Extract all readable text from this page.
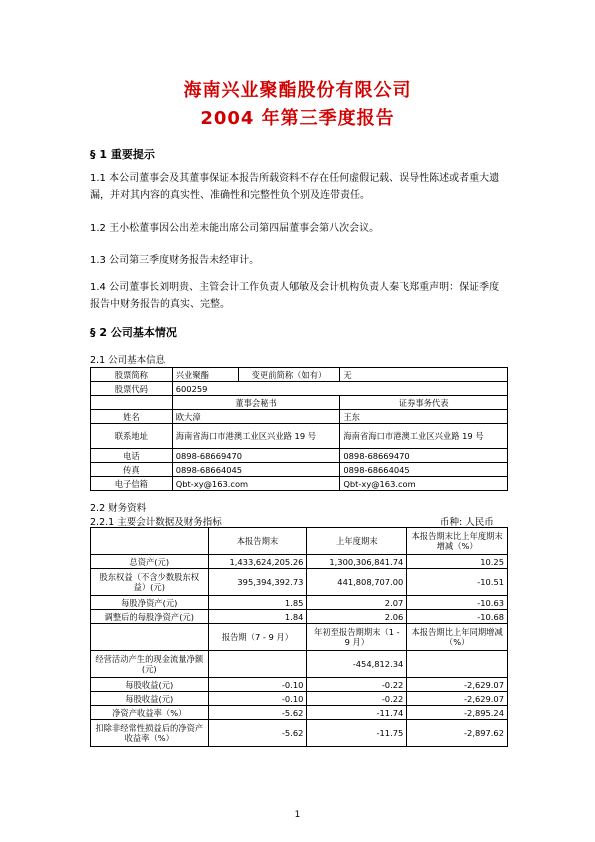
海南兴业聚酯股份有限公司
2004 年第三季度报告
§ 1 重要提示
1.1 本公司董事会及其董事保证本报告所载资料不存在任何虚假记载、误导性陈述或者重大遗漏，并对其内容的真实性、准确性和完整性负个别及连带责任。
1.2 王小松董事因公出差未能出席公司第四届董事会第八次会议。
1.3 公司第三季度财务报告未经审计。
1.4 公司董事长刘明贵、主管会计工作负责人郇敏及会计机构负责人秦飞郑重声明：保证季度报告中财务报告的真实、完整。
§ 2 公司基本情况
2.1 公司基本信息
股票简称	兴业聚酯	变更前简称（如有）	无
股票代码	600259		
	董事会秘书		证券事务代表
姓名	欧大漳		王东
联系地址	海南省海口市港澳工业区兴业路 19 号		海南省海口市港澳工业区兴业路 19 号
电话	0898-68669470		0898-68669470
传真	0898-68664045		0898-68664045
电子信箱	Qbt-xy@163.com		Qbt-xy@163.com
2.2 财务资料
2.2.1 主要会计数据及财务指标	币种: 人民币
	本报告期末	上年度期末	本报告期末比上年度期末增减（%）
总资产(元)	1,433,624,205.26	1,300,306,841.74	10.25
股东权益（不含少数股东权益）(元)	395,394,392.73	441,808,707.00	-10.51
每股净资产(元)	1.85	2.07	-10.63
调整后的每股净资产(元)	1.84	2.06	-10.68
	报告期（7 - 9 月）	年初至报告期期末（1 - 9 月）	本报告期比上年同期增减（%）
经营活动产生的现金流量净额(元)		-454,812.34	
每股收益(元)	-0.10	-0.22	-2,629.07
每股收益(元)	-0.10	-0.22	-2,629.07
净资产收益率（%）	-5.62	-11.74	-2,895.24
扣除非经常性损益后的净资产收益率（%）	-5.62	-11.75	-2,897.62
1
